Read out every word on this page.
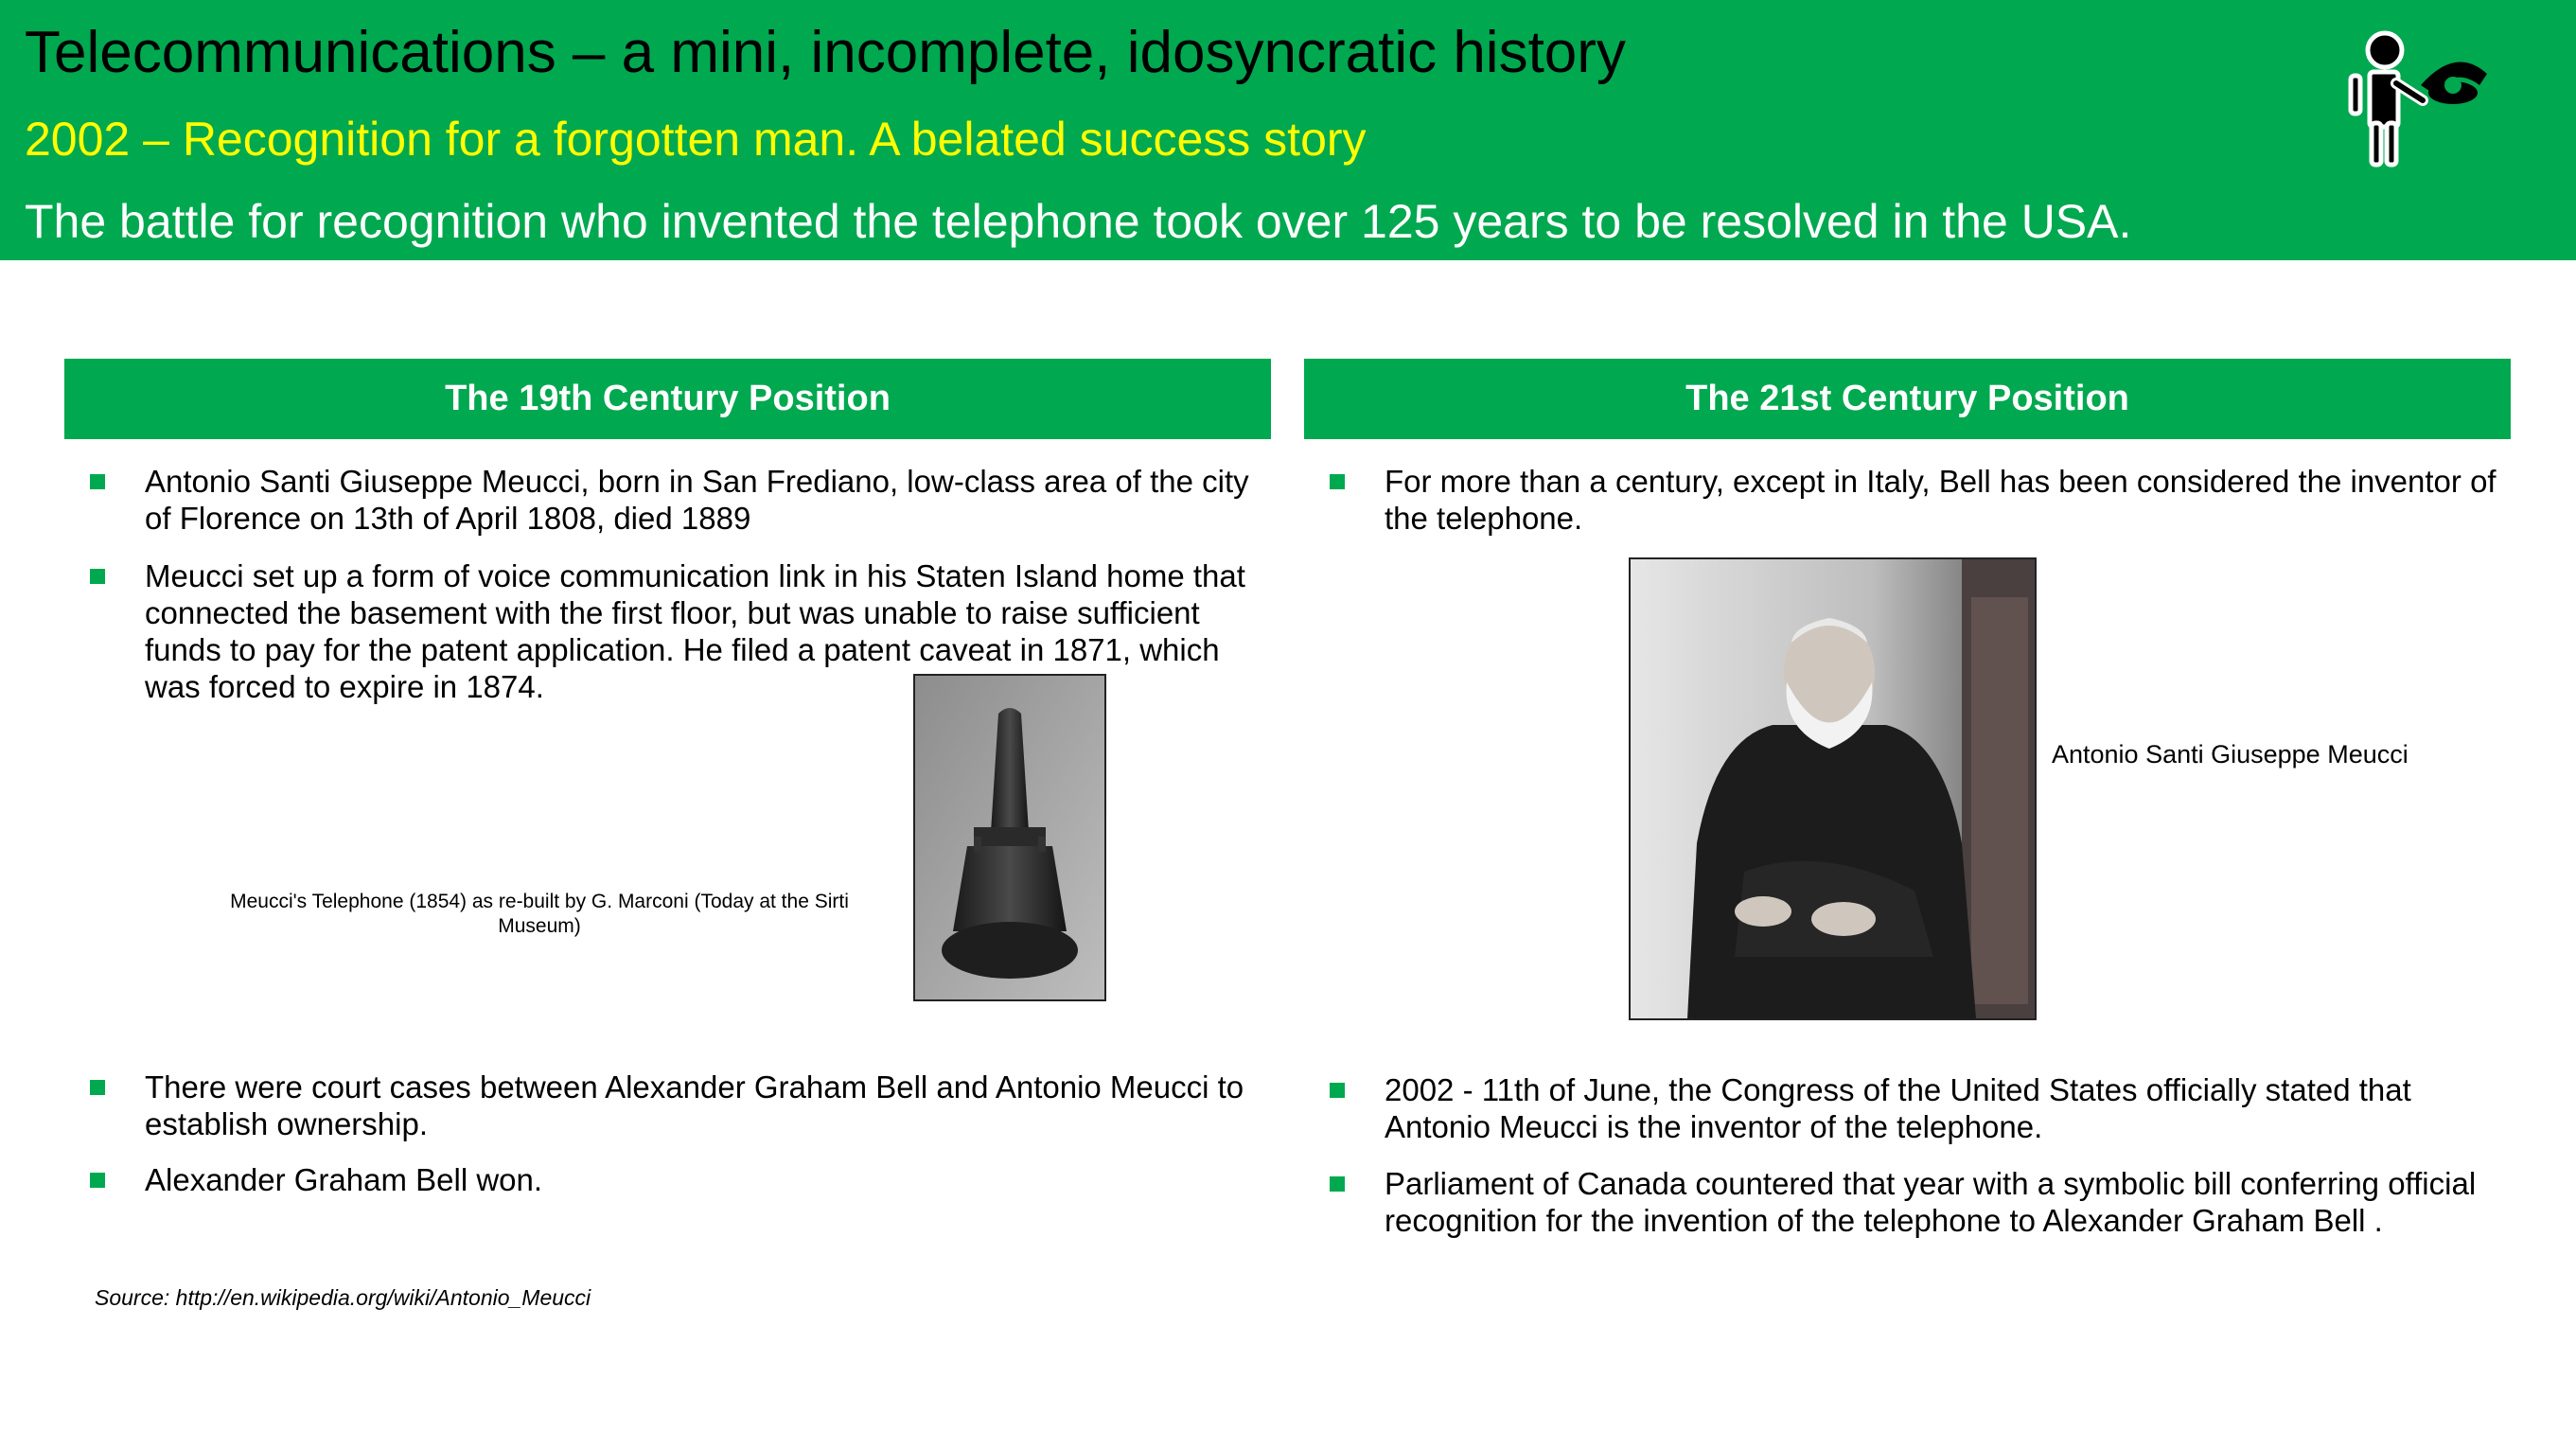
Telecommunications – a mini, incomplete, idosyncratic history
2002 – Recognition for a forgotten man. A belated success story
The battle for recognition who invented the telephone took over 125 years to be resolved in the USA.
The 19th Century Position
Antonio Santi Giuseppe Meucci, born in San Frediano, low-class area of the city of Florence on 13th of April 1808, died 1889
Meucci set up a form of voice communication link in his Staten Island home that connected the basement with the first floor, but was unable to raise sufficient funds to pay for the patent application. He filed a patent caveat in 1871, which was forced to expire in 1874.
Meucci's Telephone (1854) as re-built by G. Marconi (Today at the Sirti Museum)
There were court cases between Alexander Graham Bell and Antonio Meucci to establish ownership.
Alexander Graham Bell won.
Source: http://en.wikipedia.org/wiki/Antonio_Meucci
The 21st Century Position
For more than a century, except in Italy, Bell has been considered the inventor of the telephone.
Antonio Santi Giuseppe Meucci
2002 - 11th of June, the Congress of the United States officially stated that Antonio Meucci is the inventor of the telephone.
Parliament of Canada countered that year with a symbolic bill conferring official recognition for the invention of the telephone to Alexander Graham Bell .
